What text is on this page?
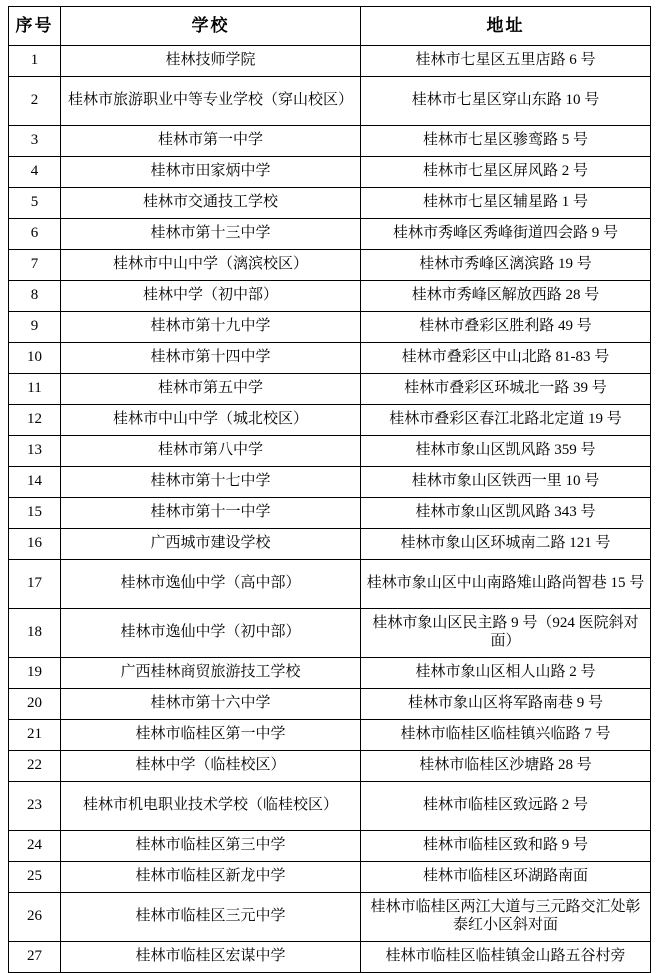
序号	学校	地址
1	桂林技师学院	桂林市七星区五里店路 6 号
2	桂林市旅游职业中等专业学校（穿山校区）	桂林市七星区穿山东路 10 号
3	桂林市第一中学	桂林市七星区骖鸾路 5 号
4	桂林市田家炳中学	桂林市七星区屏风路 2 号
5	桂林市交通技工学校	桂林市七星区辅星路 1 号
6	桂林市第十三中学	桂林市秀峰区秀峰街道四会路 9 号
7	桂林市中山中学（漓滨校区）	桂林市秀峰区漓滨路 19 号
8	桂林中学（初中部）	桂林市秀峰区解放西路 28 号
9	桂林市第十九中学	桂林市叠彩区胜利路 49 号
10	桂林市第十四中学	桂林市叠彩区中山北路 81-83 号
11	桂林市第五中学	桂林市叠彩区环城北一路 39 号
12	桂林市中山中学（城北校区）	桂林市叠彩区春江北路北定道 19 号
13	桂林市第八中学	桂林市象山区凯风路 359 号
14	桂林市第十七中学	桂林市象山区铁西一里 10 号
15	桂林市第十一中学	桂林市象山区凯风路 343 号
16	广西城市建设学校	桂林市象山区环城南二路 121 号
17	桂林市逸仙中学（高中部）	桂林市象山区中山南路雉山路尚智巷 15 号
18	桂林市逸仙中学（初中部）	桂林市象山区民主路 9 号（924 医院斜对面）
19	广西桂林商贸旅游技工学校	桂林市象山区相人山路 2 号
20	桂林市第十六中学	桂林市象山区将军路南巷 9 号
21	桂林市临桂区第一中学	桂林市临桂区临桂镇兴临路 7 号
22	桂林中学（临桂校区）	桂林市临桂区沙塘路 28 号
23	桂林市机电职业技术学校（临桂校区）	桂林市临桂区致远路 2 号
24	桂林市临桂区第三中学	桂林市临桂区致和路 9 号
25	桂林市临桂区新龙中学	桂林市临桂区环湖路南面
26	桂林市临桂区三元中学	桂林市临桂区两江大道与三元路交汇处彰泰红小区斜对面
27	桂林市临桂区宏谋中学	桂林市临桂区临桂镇金山路五谷村旁
